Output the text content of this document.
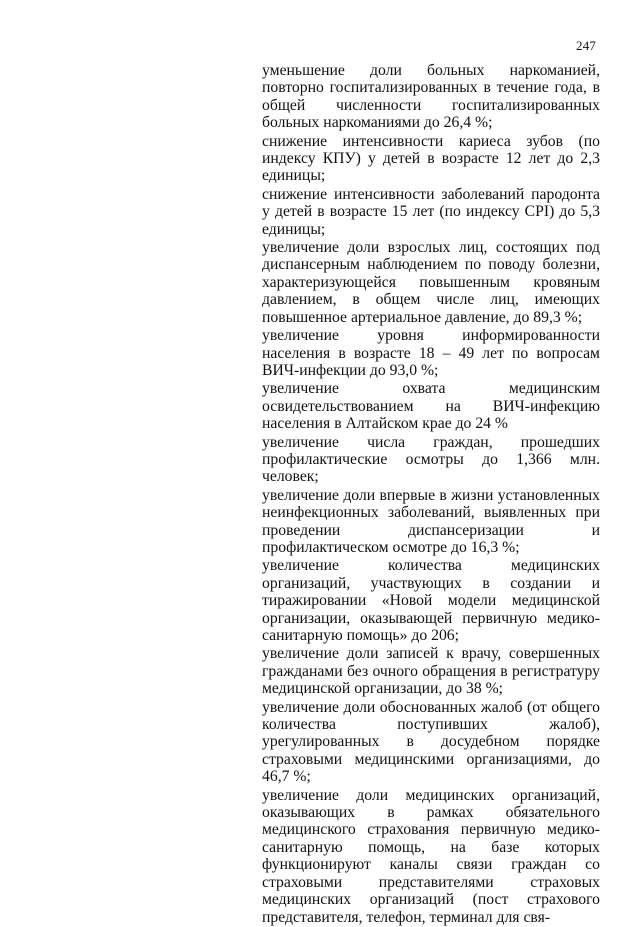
247

уменьшение доли больных наркоманией, повторно госпитализированных в течение года, в общей численности госпитализированных больных наркоманиями до 26,4 %;

снижение интенсивности кариеса зубов (по индексу КПУ) у детей в возрасте 12 лет до 2,3 единицы;

снижение интенсивности заболеваний пародонта у детей в возрасте 15 лет (по индексу CPI) до 5,3 единицы;

увеличение доли взрослых лиц, состоящих под диспансерным наблюдением по поводу болезни, характеризующейся повышенным кровяным давлением, в общем числе лиц, имеющих повышенное артериальное давление, до 89,3 %;

увеличение уровня информированности населения в возрасте 18 – 49 лет по вопросам ВИЧ-инфекции до 93,0 %;

увеличение охвата медицинским освидетельствованием на ВИЧ-инфекцию населения в Алтайском крае до 24 %

увеличение числа граждан, прошедших профилактические осмотры до 1,366 млн. человек;

увеличение доли впервые в жизни установленных неинфекционных заболеваний, выявленных при проведении диспансеризации и профилактическом осмотре до 16,3 %;

увеличение количества медицинских организаций, участвующих в создании и тиражировании «Новой модели медицинской организации, оказывающей первичную медико-санитарную помощь» до 206;

увеличение доли записей к врачу, совершенных гражданами без очного обращения в регистратуру медицинской организации, до 38 %;

увеличение доли обоснованных жалоб (от общего количества поступивших жалоб), урегулированных в досудебном порядке страховыми медицинскими организациями, до 46,7 %;

увеличение доли медицинских организаций, оказывающих в рамках обязательного медицинского страхования первичную медико-санитарную помощь, на базе которых функционируют каналы связи граждан со страховыми представителями страховых медицинских организаций (пост страхового представителя, телефон, терминал для свя-
